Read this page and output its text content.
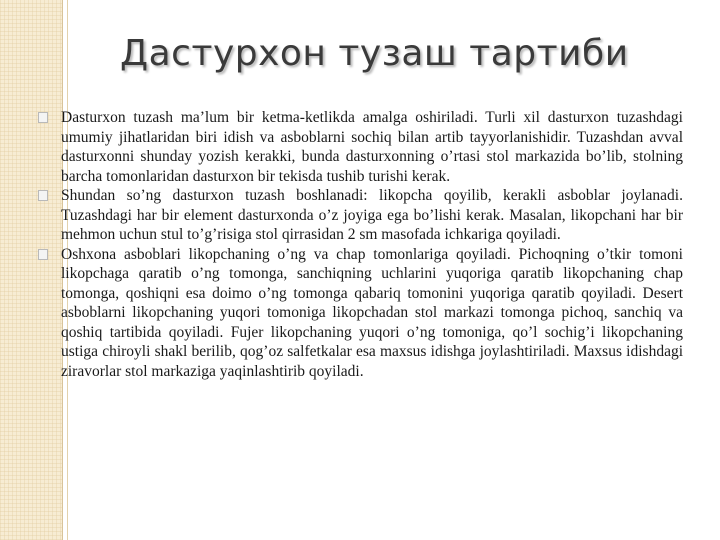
Дастурхон тузаш тартиби
Dasturxon tuzash ma’lum bir ketma-ketlikda amalga oshiriladi. Turli xil dasturxon tuzashdagi umumiy jihatlaridan biri idish va asboblarni sochiq bilan artib tayyorlanishidir. Tuzashdan avval dasturxonni shunday yozish kerakki, bunda dasturxonning o’rtasi stol markazida bo’lib, stolning barcha tomonlaridan dasturxon bir tekisda tushib turishi kerak.
Shundan so’ng dasturxon tuzash boshlanadi: likopcha qoyilib, kerakli asboblar joylanadi. Tuzashdagi har bir element dasturxonda o’z joyiga ega bo’lishi kerak. Masalan, likopchani har bir mehmon uchun stul to’g’risiga stol qirrasidan 2 sm masofada ichkariga qoyiladi.
Oshxona asboblari likopchaning o’ng va chap tomonlariga qoyiladi. Pichoqning o’tkir tomoni likopchaga qaratib o’ng tomonga, sanchiqning uchlarini yuqoriga qaratib likopchaning chap tomonga, qoshiqni esa doimo o’ng tomonga qabariq tomonini yuqoriga qaratib qoyiladi. Desert asboblarni likopchaning yuqori tomoniga likopchadan stol markazi tomonga pichoq, sanchiq va qoshiq tartibida qoyiladi. Fujer likopchaning yuqori o’ng tomoniga, qo’l sochig’i likopchaning ustiga chiroyli shakl berilib, qog’oz salfetkalar esa maxsus idishga joylashtiriladi. Maxsus idishdagi ziravorlar stol markaziga yaqinlashtirib qoyiladi.
